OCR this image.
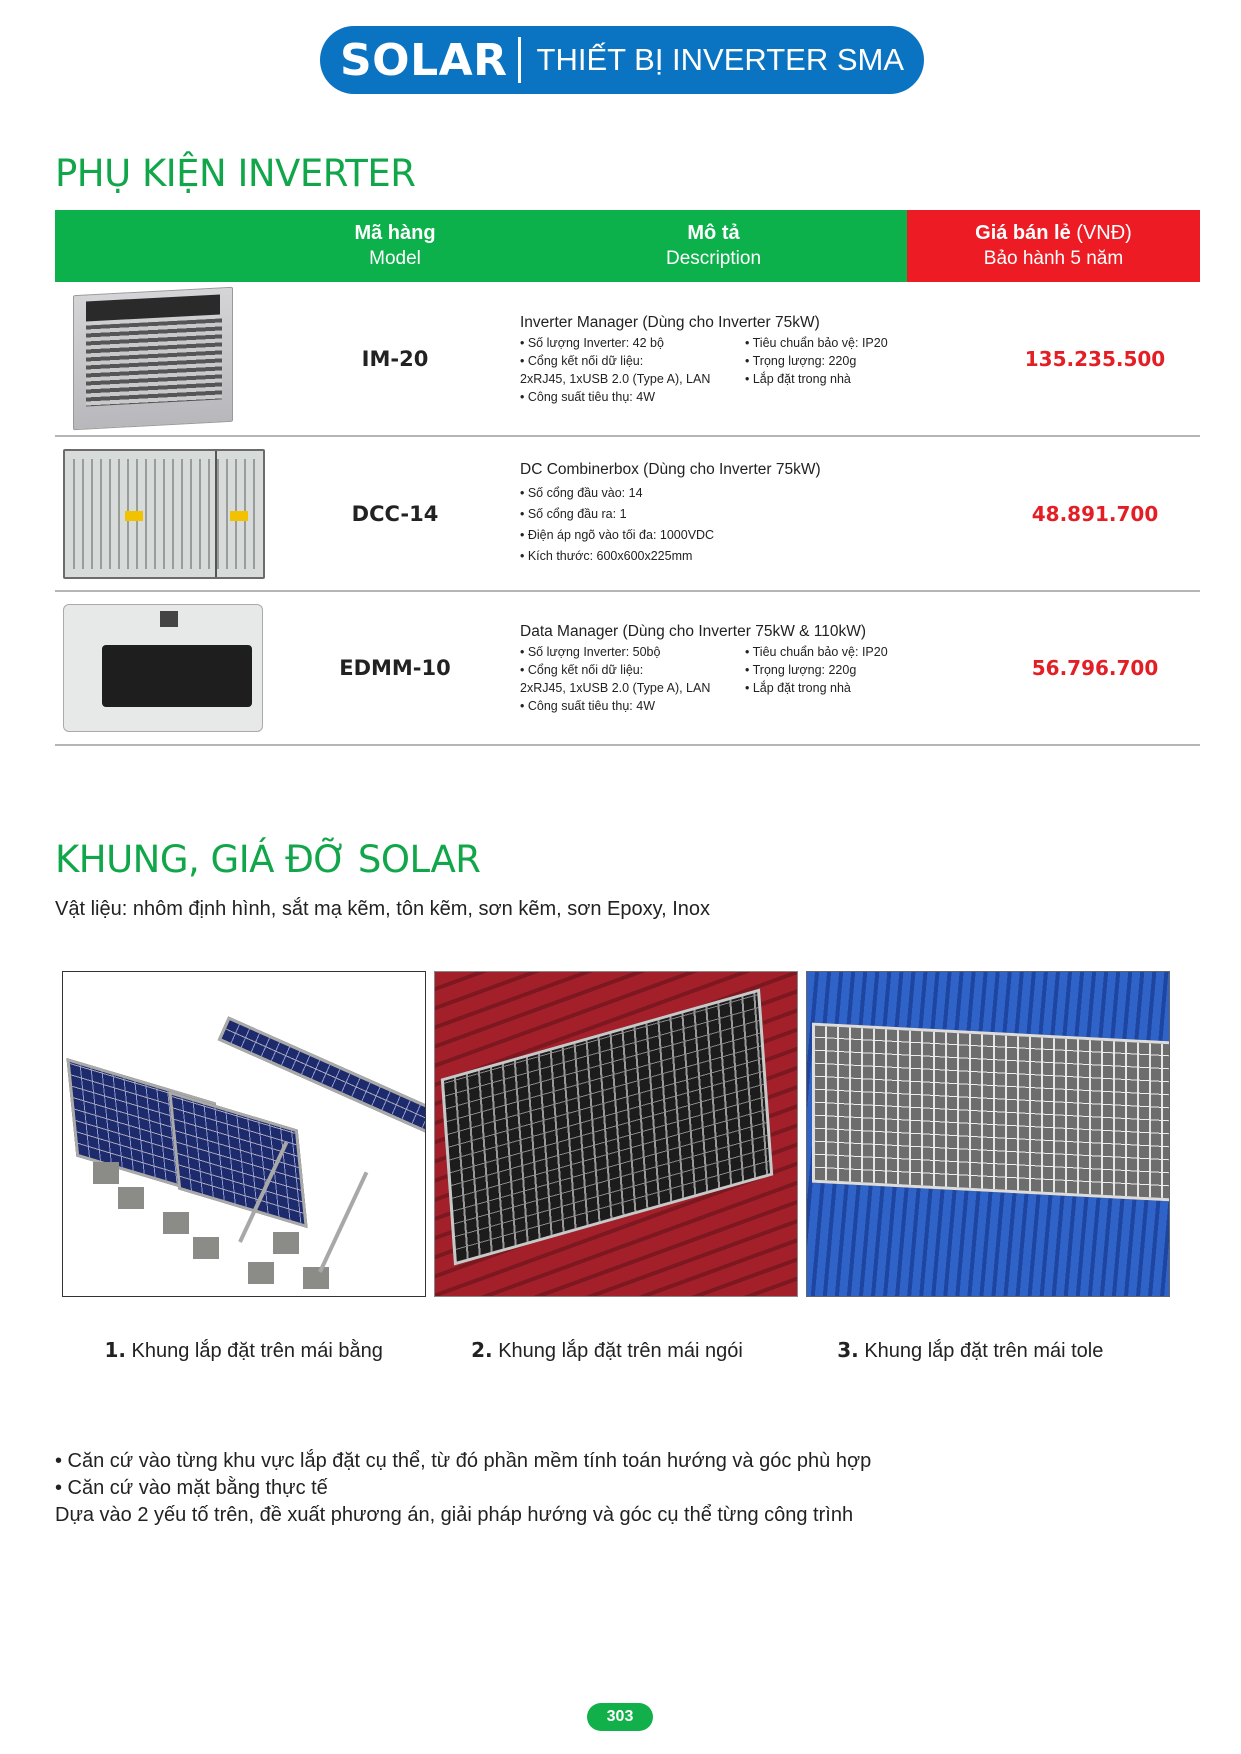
SOLAR THIẾT BỊ INVERTER SMA
PHỤ KIỆN INVERTER
Mã hàng
Model
Mô tả
Description
Giá bán lẻ (VNĐ)
Bảo hành 5 năm
IM-20
Inverter Manager (Dùng cho Inverter 75kW)
• Số lượng Inverter: 42 bộ	• Tiêu chuẩn bảo vệ: IP20
• Cổng kết nối dữ liệu:	• Trọng lượng: 220g
2xRJ45, 1xUSB 2.0 (Type A), LAN	• Lắp đặt trong nhà
• Công suất tiêu thụ: 4W
135.235.500
DCC-14
DC Combinerbox (Dùng cho Inverter 75kW)
• Số cổng đầu vào: 14
• Số cổng đầu ra: 1
• Điện áp ngõ vào tối đa: 1000VDC
• Kích thước: 600x600x225mm
48.891.700
EDMM-10
Data Manager (Dùng cho Inverter 75kW & 110kW)
• Số lượng Inverter: 50bộ	• Tiêu chuẩn bảo vệ: IP20
• Cổng kết nối dữ liệu:	• Trọng lượng: 220g
2xRJ45, 1xUSB 2.0 (Type A), LAN	• Lắp đặt trong nhà
• Công suất tiêu thụ: 4W
56.796.700
KHUNG, GIÁ ĐỠ SOLAR
Vật liệu: nhôm định hình, sắt mạ kẽm, tôn kẽm, sơn kẽm, sơn Epoxy, Inox
1. Khung lắp đặt trên mái bằng	2. Khung lắp đặt trên mái ngói	3. Khung lắp đặt trên mái tole
• Căn cứ vào từng khu vực lắp đặt cụ thể, từ đó phần mềm tính toán hướng và góc phù hợp
• Căn cứ vào mặt bằng thực tế
Dựa vào 2 yếu tố trên, đề xuất phương án, giải pháp hướng và góc cụ thể từng công trình
303
